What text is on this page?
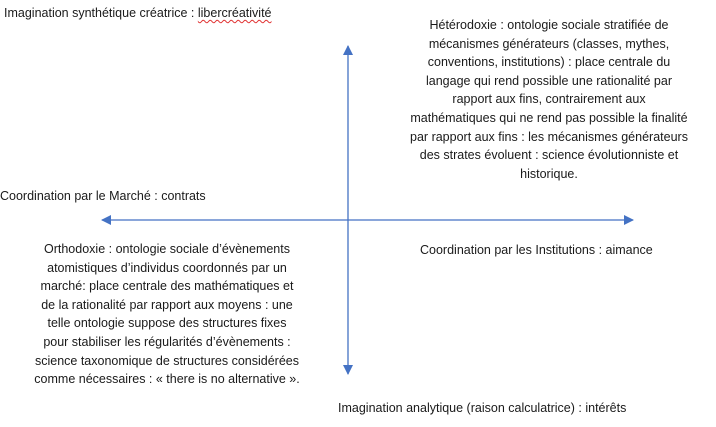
Imagination synthétique créatrice : libercréativité
Coordination par le Marché : contrats
Coordination par les Institutions : aimance
Imagination analytique (raison calculatrice) : intérêts
Hétérodoxie : ontologie sociale stratifiée de
mécanismes générateurs (classes, mythes,
conventions, institutions) : place centrale du
langage qui rend possible une rationalité par
rapport aux fins, contrairement aux
mathématiques qui ne rend pas possible la finalité
par rapport aux fins : les mécanismes générateurs
des strates évoluent : science évolutionniste et
historique.
Orthodoxie : ontologie sociale d’évènements
atomistiques d’individus coordonnés par un
marché: place centrale des mathématiques et
de la rationalité par rapport aux moyens : une
telle ontologie suppose des structures fixes
pour stabiliser les régularités d’évènements :
science taxonomique de structures considérées
comme nécessaires : « there is no alternative ».
